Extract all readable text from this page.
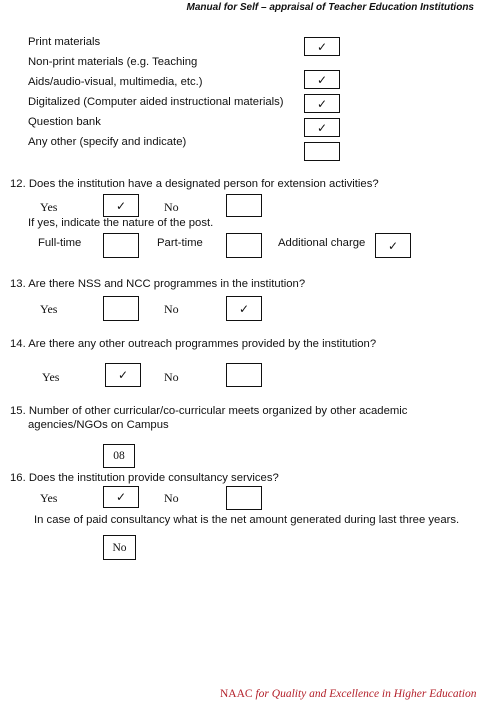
Manual for Self – appraisal of Teacher Education Institutions
Print materials	✓
Non-print materials (e.g. Teaching
Aids/audio-visual, multimedia, etc.)	✓
Digitalized (Computer aided instructional materials)	✓
Question bank	✓
Any other (specify and indicate)
12. Does the institution have a designated person for extension activities?
Yes	✓	No
If yes, indicate the nature of the post.
Full-time	Part-time	Additional charge	✓
13. Are there NSS and NCC programmes in the institution?
Yes	No	✓
14. Are there any other outreach programmes provided by the institution?
Yes	✓	No
15. Number of other curricular/co-curricular meets organized by other academic
agencies/NGOs on Campus
08
16. Does the institution provide consultancy services?
Yes	✓	No
In case of paid consultancy what is the net amount generated during last three years.
No
NAAC for Quality and Excellence in Higher Education
